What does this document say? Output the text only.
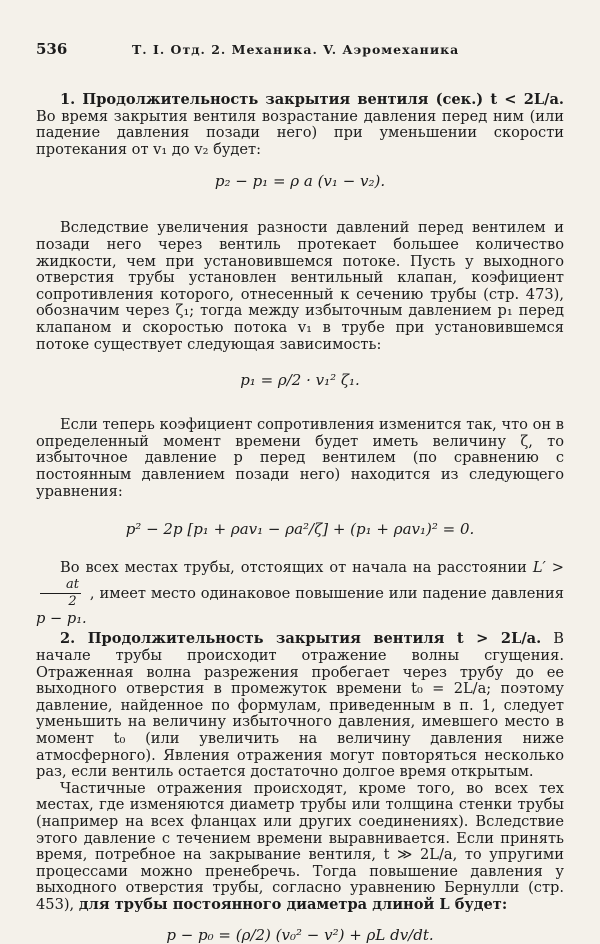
536	Т. I. Отд. 2. Механика. V. Аэромеханика

1. Продолжительность закрытия вентиля (сек.) t < 2L/a. Во время закрытия вентиля возрастание давления перед ним (или падение давления позади него) при уменьшении скорости протекания от v₁ до v₂ будет:

p₂ − p₁ = ρ a (v₁ − v₂).

Вследствие увеличения разности давлений перед вентилем и позади него через вентиль протекает большее количество жидкости, чем при установившемся потоке. Пусть у выходного отверстия трубы установлен вентильный клапан, коэфициент сопротивления которого, отнесенный к сечению трубы (стр. 473), обозначим через ζ₁; тогда между избыточным давлением p₁ перед клапаном и скоростью потока v₁ в трубе при установившемся потоке существует следующая зависимость:

p₁ = ρ/2 · v₁² ζ₁.

Если теперь коэфициент сопротивления изменится так, что он в определенный момент времени будет иметь величину ζ, то избыточное давление p перед вентилем (по сравнению с постоянным давлением позади него) находится из следующего уравнения:

p² − 2p [p₁ + ρav₁ − ρa²/ζ] + (p₁ + ρav₁)² = 0.

Во всех местах трубы, отстоящих от начала на расстоянии L′ >
$\frac{at}{2}$ , имеет место одинаковое повышение или падение давления p − p₁.

2. Продолжительность закрытия вентиля t > 2L/a. В начале трубы происходит отражение волны сгущения. Отраженная волна разрежения пробегает через трубу до ее выходного отверстия в промежуток времени t₀ = 2L/a; поэтому давление, найденное по формулам, приведенным в п. 1, следует уменьшить на величину избыточного давления, имевшего место в момент t₀ (или увеличить на величину давления ниже атмосферного). Явления отражения могут повторяться несколько раз, если вентиль остается достаточно долгое время открытым.

Частичные отражения происходят, кроме того, во всех тех местах, где изменяются диаметр трубы или толщина стенки трубы (например на всех фланцах или других соединениях). Вследствие этого давление с течением времени выравнивается. Если принять время, потребное на закрывание вентиля, t ≫ 2L/a, то упругими процессами можно пренебречь. Тогда повышение давления у выходного отверстия трубы, согласно уравнению Бернулли (стр. 453), для трубы постоянного диаметра длиной L будет:

p − p₀ = (ρ/2) (v₀² − v²) + ρL dv/dt.
